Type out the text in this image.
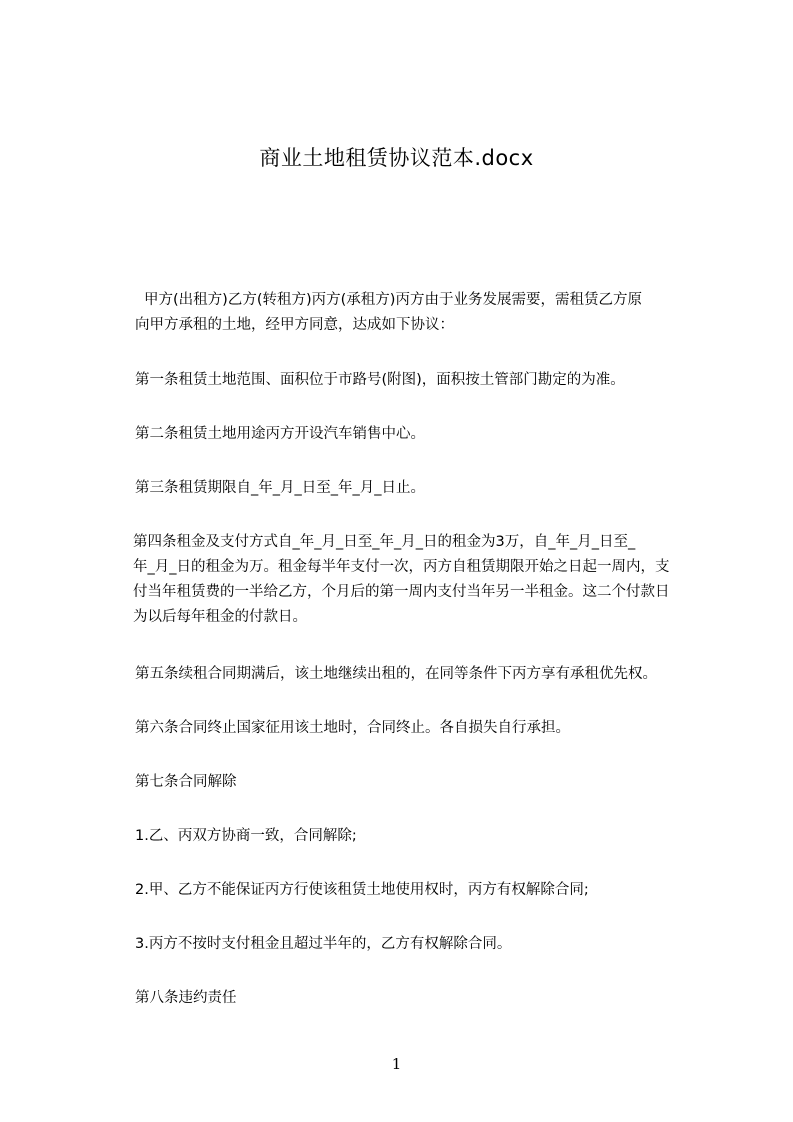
商业土地租赁协议范本.docx

甲方(出租方)乙方(转租方)丙方(承租方)丙方由于业务发展需要，需租赁乙方原
向甲方承租的土地，经甲方同意，达成如下协议：

第一条租赁土地范围、面积位于市路号(附图)，面积按土管部门勘定的为准。

第二条租赁土地用途丙方开设汽车销售中心。

第三条租赁期限自_年_月_日至_年_月_日止。

第四条租金及支付方式自_年_月_日至_年_月_日的租金为3万，自_年_月_日至_
年_月_日的租金为万。租金每半年支付一次，丙方自租赁期限开始之日起一周内，支
付当年租赁费的一半给乙方，个月后的第一周内支付当年另一半租金。这二个付款日
为以后每年租金的付款日。

第五条续租合同期满后，该土地继续出租的，在同等条件下丙方享有承租优先权。

第六条合同终止国家征用该土地时，合同终止。各自损失自行承担。

第七条合同解除

1.乙、丙双方协商一致，合同解除;

2.甲、乙方不能保证丙方行使该租赁土地使用权时，丙方有权解除合同;

3.丙方不按时支付租金且超过半年的，乙方有权解除合同。

第八条违约责任

1
